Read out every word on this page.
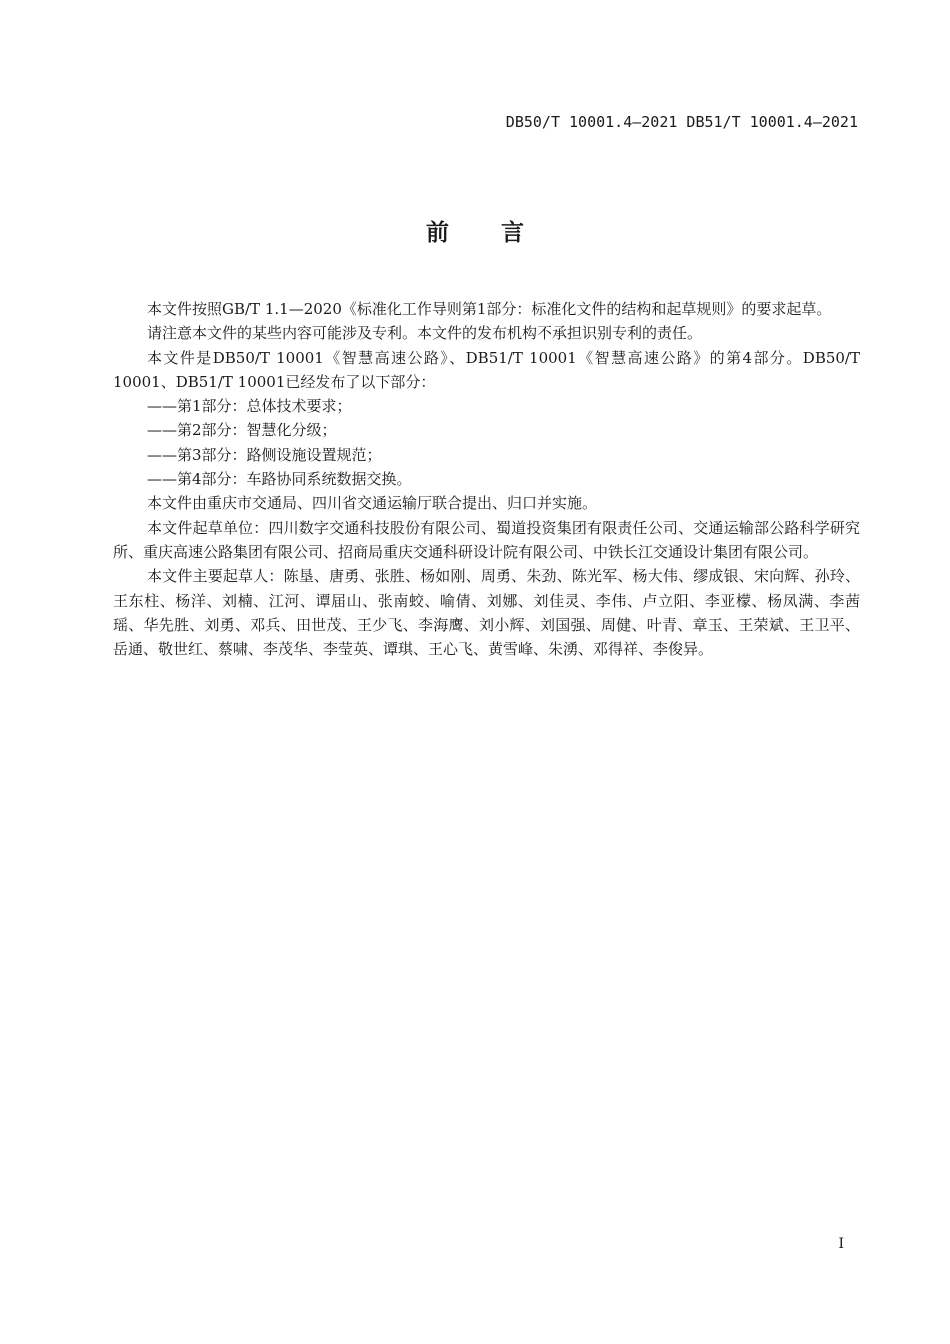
DB50/T 10001.4—2021 DB51/T 10001.4—2021
前 言

本文件按照GB/T 1.1—2020《标准化工作导则第1部分：标准化文件的结构和起草规则》的要求起草。

请注意本文件的某些内容可能涉及专利。本文件的发布机构不承担识别专利的责任。

本文件是DB50/T 10001《智慧高速公路》、DB51/T 10001《智慧高速公路》的第4部分。DB50/T 10001、DB51/T 10001已经发布了以下部分：

——第1部分：总体技术要求；

——第2部分：智慧化分级；

——第3部分：路侧设施设置规范；

——第4部分：车路协同系统数据交换。

本文件由重庆市交通局、四川省交通运输厅联合提出、归口并实施。

本文件起草单位：四川数字交通科技股份有限公司、蜀道投资集团有限责任公司、交通运输部公路科学研究所、重庆高速公路集团有限公司、招商局重庆交通科研设计院有限公司、中铁长江交通设计集团有限公司。

本文件主要起草人：陈垦、唐勇、张胜、杨如刚、周勇、朱劲、陈光军、杨大伟、缪成银、宋向辉、孙玲、王东柱、杨洋、刘楠、江河、谭届山、张南蛟、喻倩、刘娜、刘佳灵、李伟、卢立阳、李亚檬、杨凤满、李茜瑶、华先胜、刘勇、邓兵、田世茂、王少飞、李海鹰、刘小辉、刘国强、周健、叶青、章玉、王荣斌、王卫平、岳通、敬世红、蔡啸、李茂华、李莹英、谭琪、王心飞、黄雪峰、朱湧、邓得祥、李俊异。

I
